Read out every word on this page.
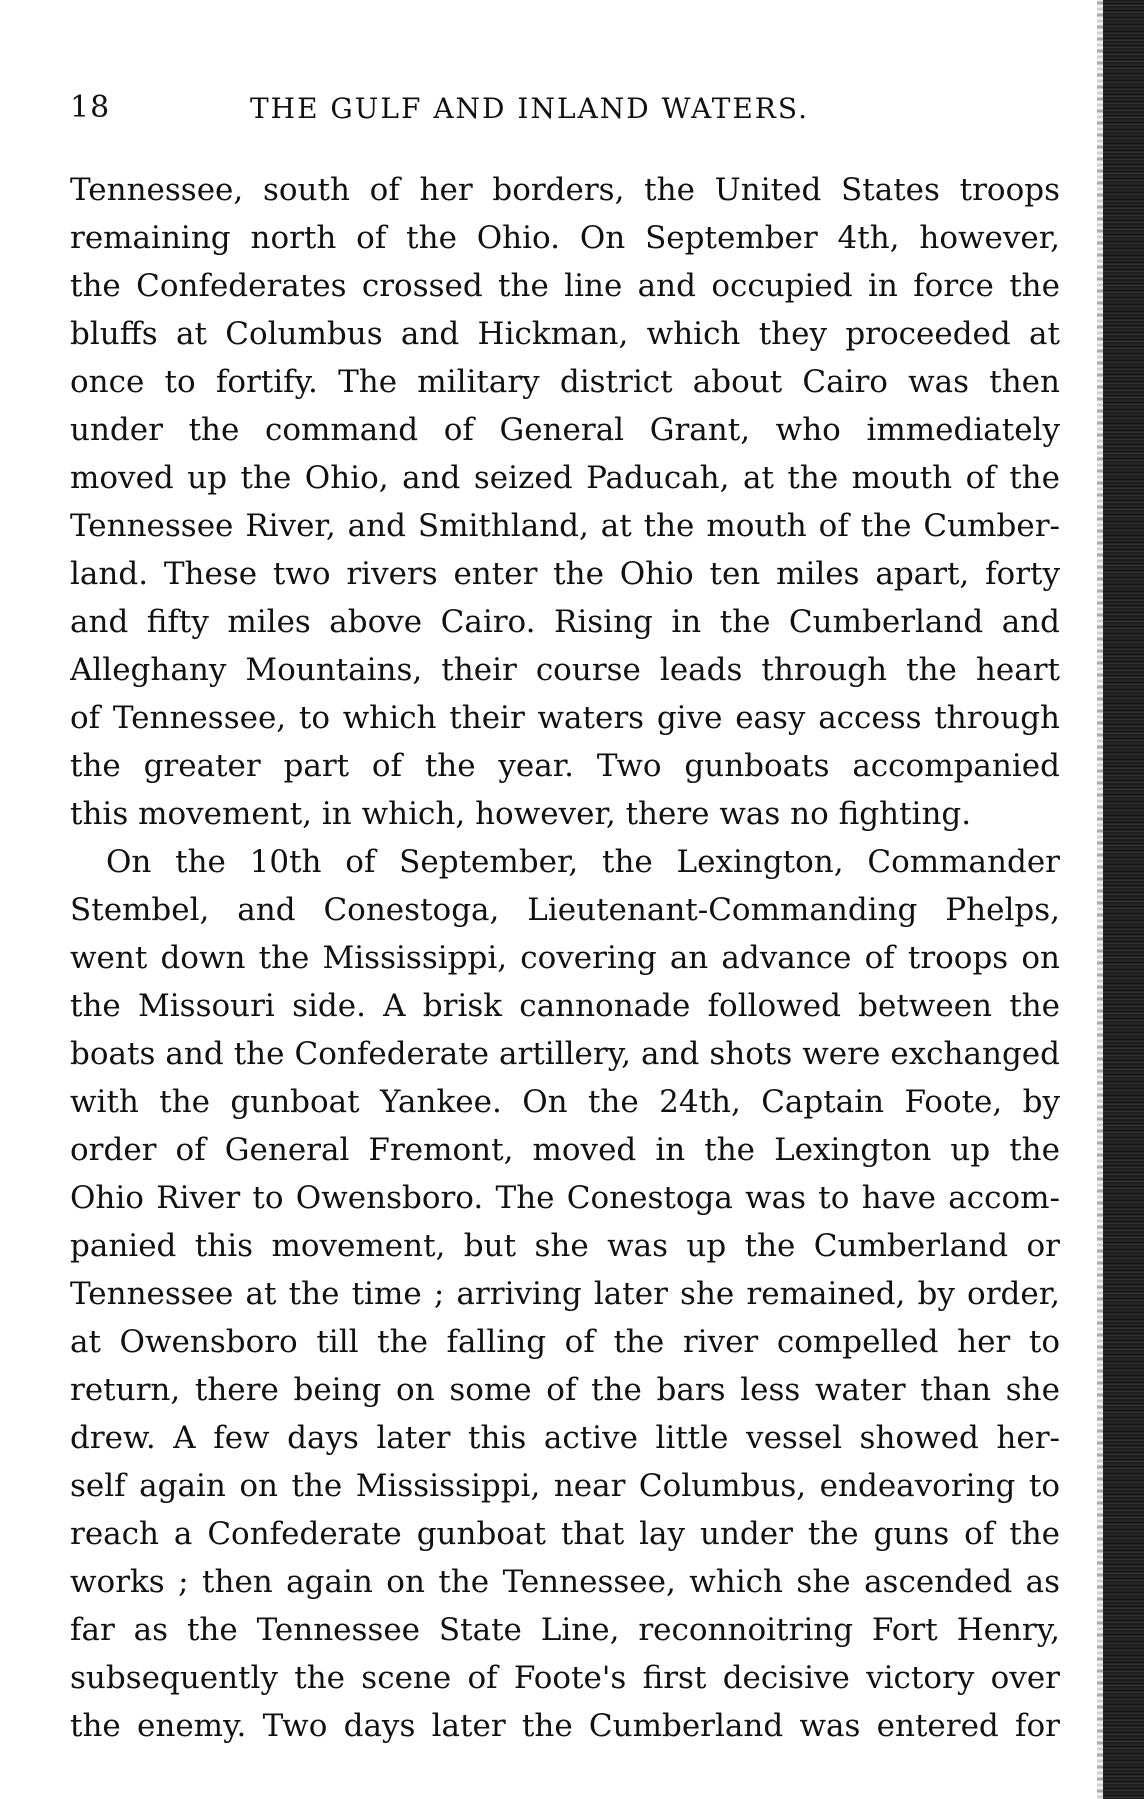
18	THE GULF AND INLAND WATERS.
Tennessee, south of her borders, the United States troops
remaining north of the Ohio. On September 4th, however,
the Confederates crossed the line and occupied in force the
bluffs at Columbus and Hickman, which they proceeded at
once to fortify. The military district about Cairo was then
under the command of General Grant, who immediately
moved up the Ohio, and seized Paducah, at the mouth of the
Tennessee River, and Smithland, at the mouth of the Cumber-
land. These two rivers enter the Ohio ten miles apart, forty
and fifty miles above Cairo. Rising in the Cumberland and
Alleghany Mountains, their course leads through the heart
of Tennessee, to which their waters give easy access through
the greater part of the year. Two gunboats accompanied
this movement, in which, however, there was no fighting.
On the 10th of September, the Lexington, Commander
Stembel, and Conestoga, Lieutenant-Commanding Phelps,
went down the Mississippi, covering an advance of troops on
the Missouri side. A brisk cannonade followed between the
boats and the Confederate artillery, and shots were exchanged
with the gunboat Yankee. On the 24th, Captain Foote, by
order of General Fremont, moved in the Lexington up the
Ohio River to Owensboro. The Conestoga was to have accom-
panied this movement, but she was up the Cumberland or
Tennessee at the time ; arriving later she remained, by order,
at Owensboro till the falling of the river compelled her to
return, there being on some of the bars less water than she
drew. A few days later this active little vessel showed her-
self again on the Mississippi, near Columbus, endeavoring to
reach a Confederate gunboat that lay under the guns of the
works ; then again on the Tennessee, which she ascended as
far as the Tennessee State Line, reconnoitring Fort Henry,
subsequently the scene of Foote's first decisive victory over
the enemy. Two days later the Cumberland was entered for
